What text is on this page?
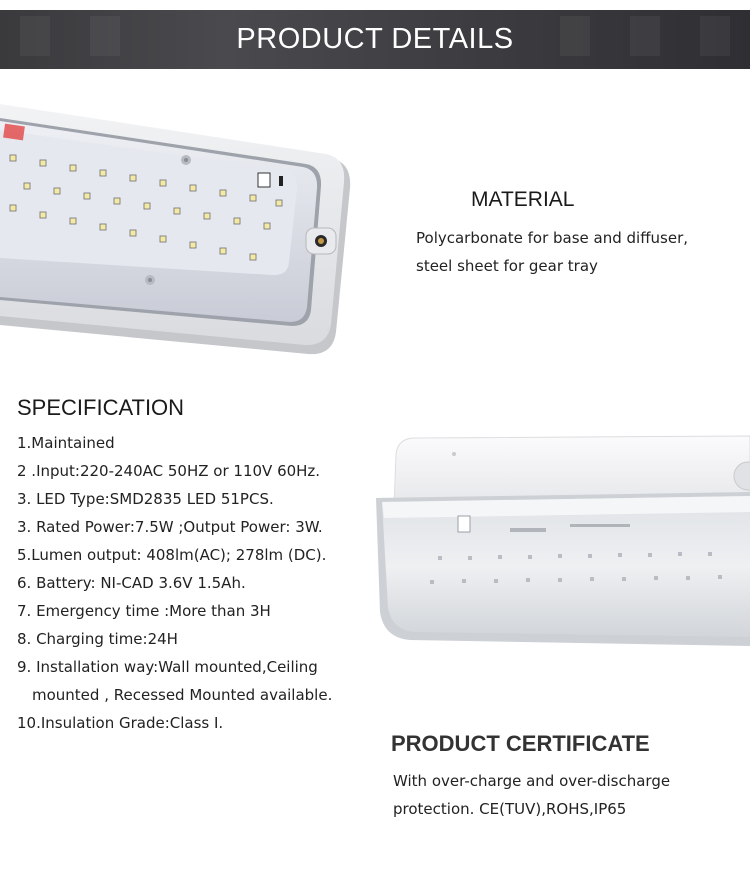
PRODUCT DETAILS
MATERIAL
Polycarbonate for base and diffuser,
steel sheet for gear tray
SPECIFICATION
1.Maintained
2 .Input:220-240AC 50HZ or 110V 60Hz.
3. LED Type:SMD2835 LED 51PCS.
3. Rated Power:7.5W ;Output Power: 3W.
5.Lumen output: 408lm(AC); 278lm (DC).
6. Battery: NI-CAD 3.6V 1.5Ah.
7. Emergency time :More than 3H
8. Charging time:24H
9. Installation way:Wall mounted,Ceiling
mounted , Recessed Mounted available.
10.Insulation Grade:Class I.
PRODUCT CERTIFICATE
With over-charge and over-discharge
protection. CE(TUV),ROHS,IP65
